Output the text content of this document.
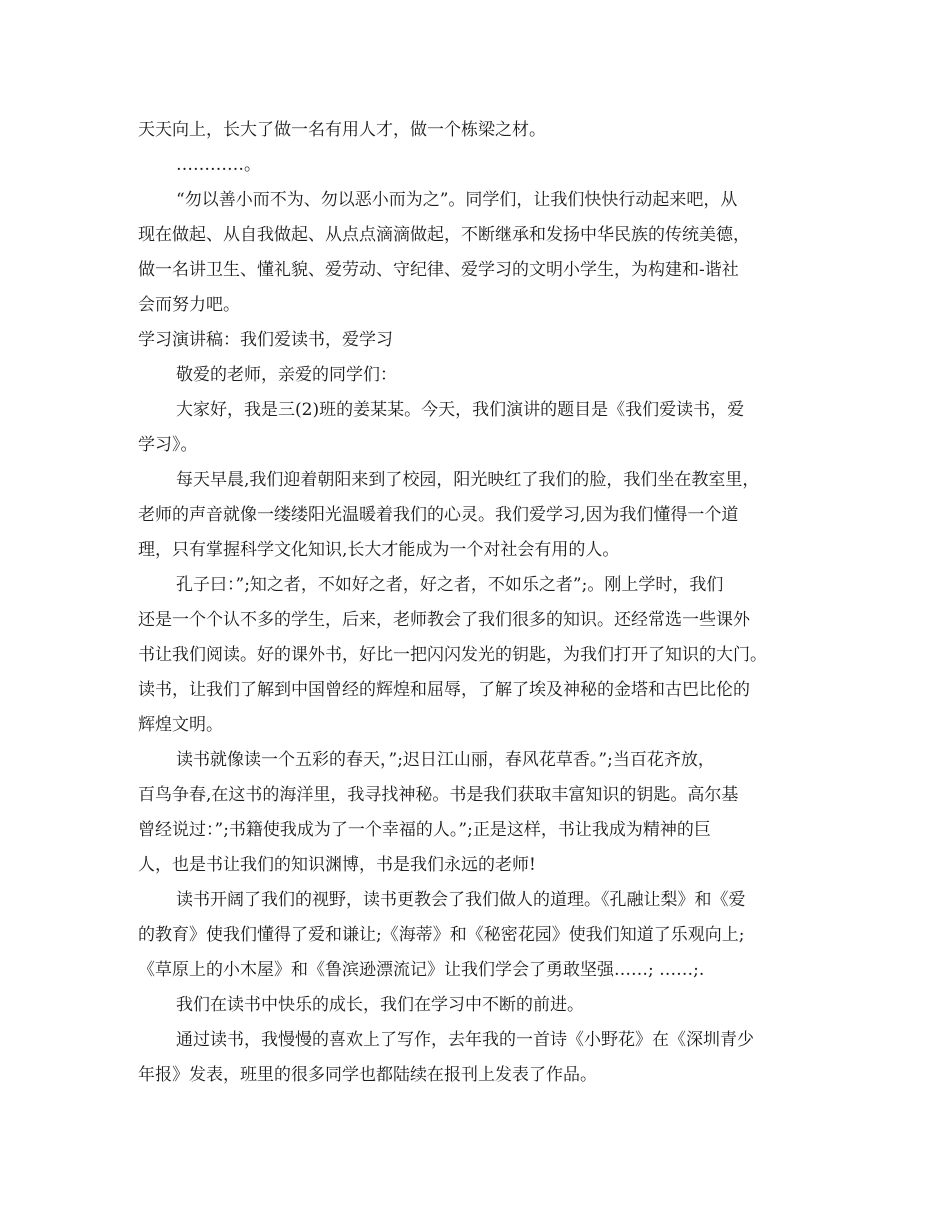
天天向上，长大了做一名有用人才，做一个栋梁之材。

…………。

“勿以善小而不为、勿以恶小而为之”。同学们，让我们快快行动起来吧，从

现在做起、从自我做起、从点点滴滴做起，不断继承和发扬中华民族的传统美德，

做一名讲卫生、懂礼貌、爱劳动、守纪律、爱学习的文明小学生，为构建和-谐社

会而努力吧。

学习演讲稿：我们爱读书，爱学习

敬爱的老师，亲爱的同学们：

大家好，我是三(2)班的姜某某。今天，我们演讲的题目是《我们爱读书，爱

学习》。

每天早晨,我们迎着朝阳来到了校园，阳光映红了我们的脸，我们坐在教室里，

老师的声音就像一缕缕阳光温暖着我们的心灵。我们爱学习,因为我们懂得一个道

理，只有掌握科学文化知识,长大才能成为一个对社会有用的人。

孔子曰：”;知之者，不如好之者，好之者，不如乐之者”;。刚上学时，我们

还是一个个认不多的学生，后来，老师教会了我们很多的知识。还经常选一些课外

书让我们阅读。好的课外书，好比一把闪闪发光的钥匙，为我们打开了知识的大门。

读书，让我们了解到中国曾经的辉煌和屈辱，了解了埃及神秘的金塔和古巴比伦的

辉煌文明。

读书就像读一个五彩的春天，”;迟日江山丽，春风花草香。”;当百花齐放，

百鸟争春,在这书的海洋里，我寻找神秘。书是我们获取丰富知识的钥匙。高尔基

曾经说过：”;书籍使我成为了一个幸福的人。”;正是这样，书让我成为精神的巨

人，也是书让我们的知识渊博，书是我们永远的老师!

读书开阔了我们的视野，读书更教会了我们做人的道理。《孔融让梨》和《爱

的教育》使我们懂得了爱和谦让;《海蒂》和《秘密花园》使我们知道了乐观向上;

《草原上的小木屋》和《鲁滨逊漂流记》让我们学会了勇敢坚强……; ……;.

我们在读书中快乐的成长，我们在学习中不断的前进。

通过读书，我慢慢的喜欢上了写作，去年我的一首诗《小野花》在《深圳青少

年报》发表，班里的很多同学也都陆续在报刊上发表了作品。
